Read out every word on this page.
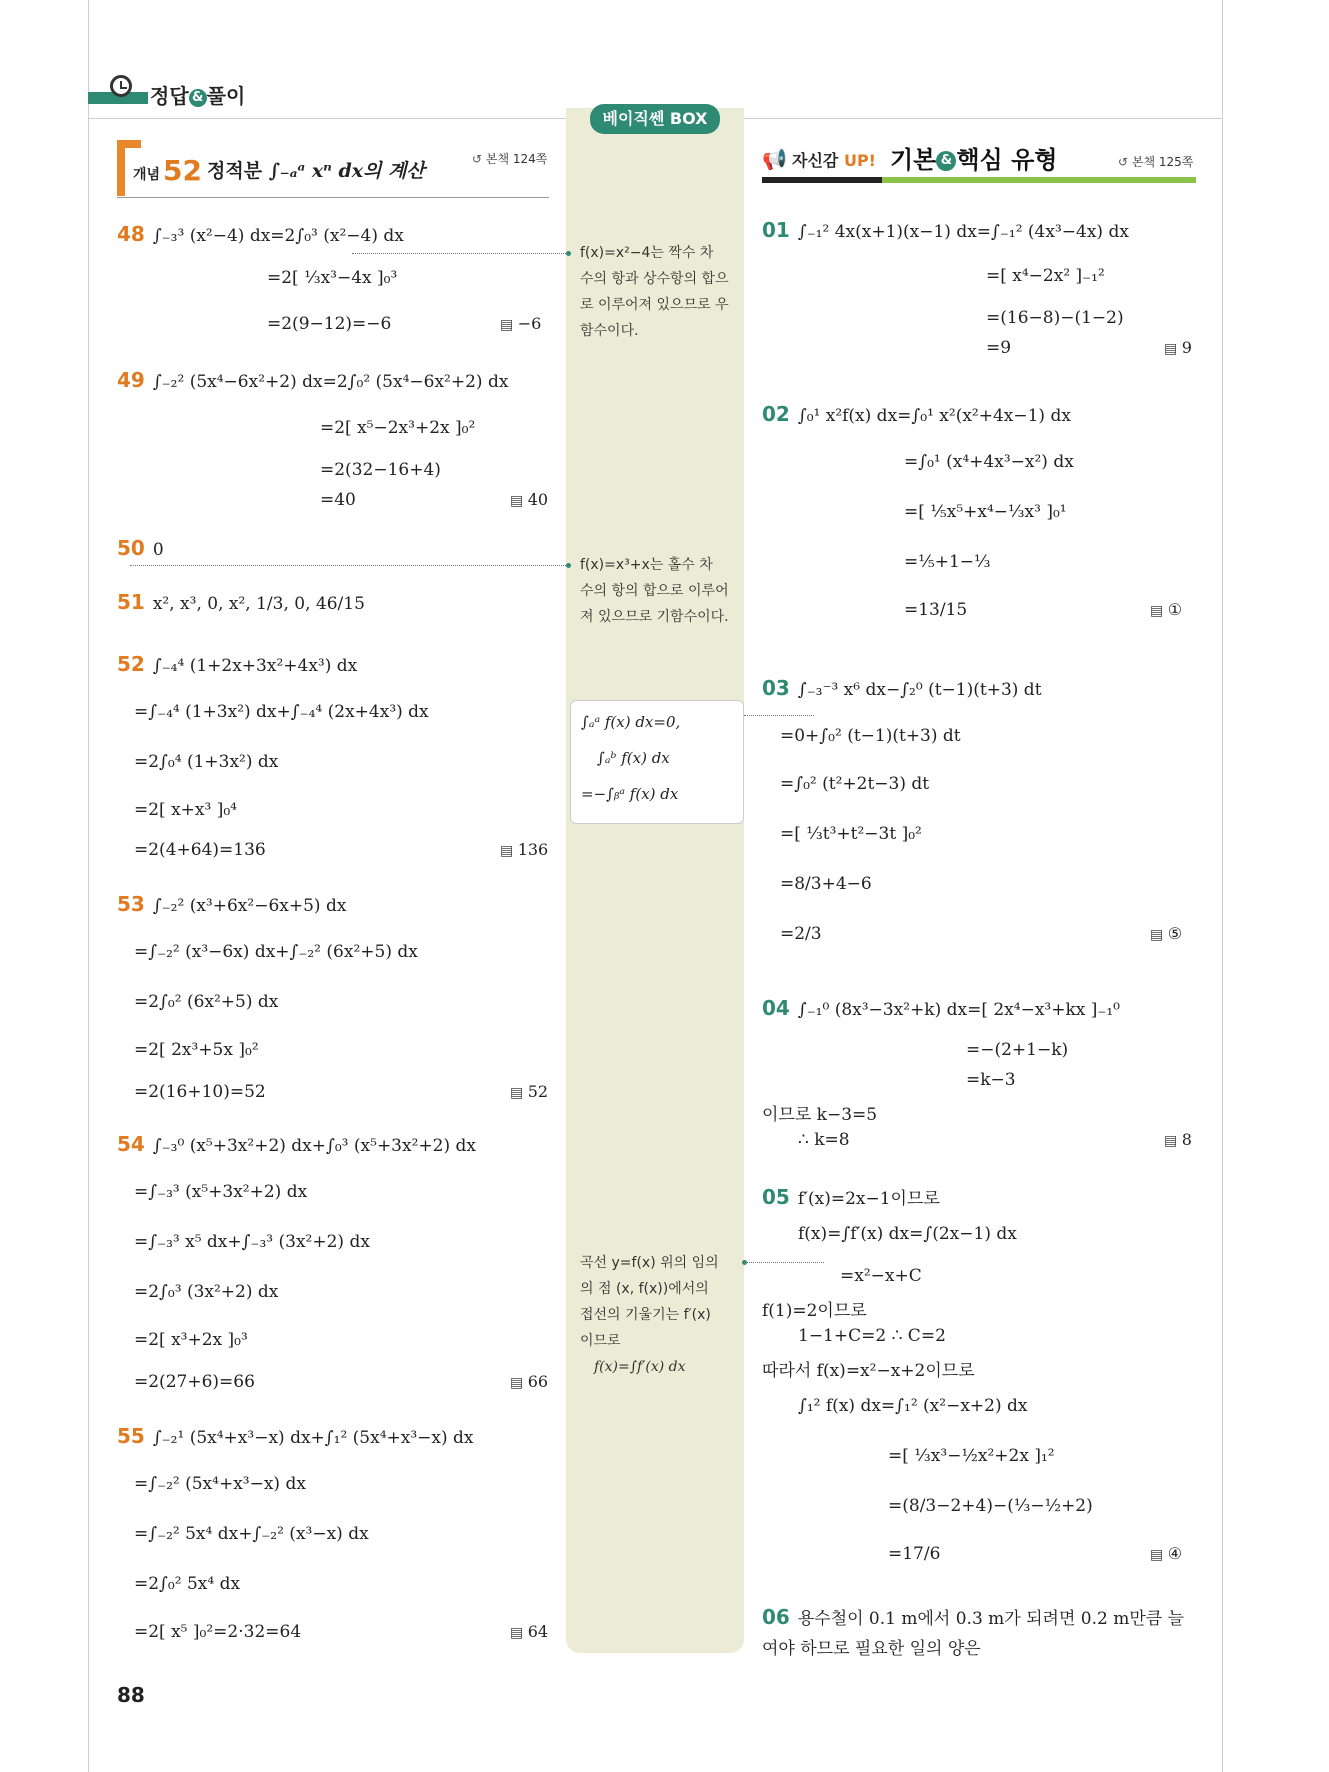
정답 & 풀이
베이직쎈 BOX
개념 52 정적분 ∫₋ₐᵃ xⁿ dx의 계산
↺ 본책 124쪽	📢 자신감 UP! 기본 & 핵심 유형	↺ 본책 125쪽
48 ∫₋₃³ (x²−4) dx=2∫₀³ (x²−4) dx
=2[ ⅓x³−4x ]₀³
=2(9−12)=−6	▤ −6
49 ∫₋₂² (5x⁴−6x²+2) dx=2∫₀² (5x⁴−6x²+2) dx
=2[ x⁵−2x³+2x ]₀²
=2(32−16+4)
=40	▤ 40
50 0
51 x², x³, 0, x², 1/3, 0, 46/15
52 ∫₋₄⁴ (1+2x+3x²+4x³) dx
=∫₋₄⁴ (1+3x²) dx+∫₋₄⁴ (2x+4x³) dx
=2∫₀⁴ (1+3x²) dx
=2[ x+x³ ]₀⁴
=2(4+64)=136	▤ 136
53 ∫₋₂² (x³+6x²−6x+5) dx
=∫₋₂² (x³−6x) dx+∫₋₂² (6x²+5) dx
=2∫₀² (6x²+5) dx
=2[ 2x³+5x ]₀²
=2(16+10)=52	▤ 52
54 ∫₋₃⁰ (x⁵+3x²+2) dx+∫₀³ (x⁵+3x²+2) dx
=∫₋₃³ (x⁵+3x²+2) dx
=∫₋₃³ x⁵ dx+∫₋₃³ (3x²+2) dx
=2∫₀³ (3x²+2) dx
=2[ x³+2x ]₀³
=2(27+6)=66	▤ 66
55 ∫₋₂¹ (5x⁴+x³−x) dx+∫₁² (5x⁴+x³−x) dx
=∫₋₂² (5x⁴+x³−x) dx
=∫₋₂² 5x⁴ dx+∫₋₂² (x³−x) dx
=2∫₀² 5x⁴ dx
=2[ x⁵ ]₀²=2·32=64	▤ 64
f(x)=x²−4는 짝수 차
수의 항과 상수항의 합으
로 이루어져 있으므로 우
함수이다.
f(x)=x³+x는 홀수 차
수의 항의 합으로 이루어
져 있으므로 기함수이다.
∫ₐᵃ f(x) dx=0,
∫ₐᵇ f(x) dx
=−∫ᵦᵃ f(x) dx
곡선 y=f(x) 위의 임의
의 점 (x, f(x))에서의
접선의 기울기는 f′(x)
이므로
f(x)=∫f′(x) dx
01 ∫₋₁² 4x(x+1)(x−1) dx=∫₋₁² (4x³−4x) dx
=[ x⁴−2x² ]₋₁²
=(16−8)−(1−2)
=9	▤ 9
02 ∫₀¹ x²f(x) dx=∫₀¹ x²(x²+4x−1) dx
=∫₀¹ (x⁴+4x³−x²) dx
=[ ⅕x⁵+x⁴−⅓x³ ]₀¹
=⅕+1−⅓
=13/15	▤ ①
03 ∫₋₃⁻³ x⁶ dx−∫₂⁰ (t−1)(t+3) dt
=0+∫₀² (t−1)(t+3) dt
=∫₀² (t²+2t−3) dt
=[ ⅓t³+t²−3t ]₀²
=8/3+4−6
=2/3	▤ ⑤
04 ∫₋₁⁰ (8x³−3x²+k) dx=[ 2x⁴−x³+kx ]₋₁⁰
=−(2+1−k)
=k−3
이므로 k−3=5
∴ k=8	▤ 8
05 f′(x)=2x−1이므로
f(x)=∫f′(x) dx=∫(2x−1) dx
=x²−x+C
f(1)=2이므로
1−1+C=2 ∴ C=2
따라서 f(x)=x²−x+2이므로
∫₁² f(x) dx=∫₁² (x²−x+2) dx
=[ ⅓x³−½x²+2x ]₁²
=(8/3−2+4)−(⅓−½+2)
=17/6	▤ ④
06 용수철이 0.1 m에서 0.3 m가 되려면 0.2 m만큼 늘
여야 하므로 필요한 일의 양은
88
